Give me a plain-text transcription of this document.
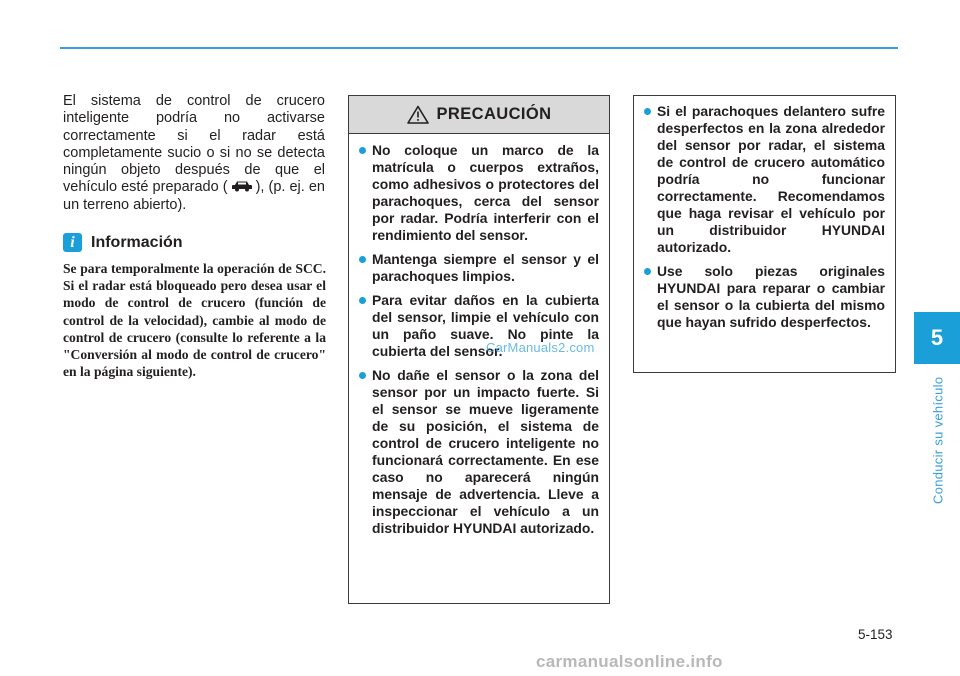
5
Conducir su vehículo
El sistema de control de crucero inteligente podría no activarse correctamente si el radar está completamente sucio o si no se detecta ningún objeto después de que el vehículo esté preparado ( ), (p. ej. en un terreno abierto).
i	Información
Se para temporalmente la operación de SCC. Si el radar está bloqueado pero desea usar el modo de control de crucero (función de control de la velocidad), cambie al modo de control de crucero (consulte lo referente a la "Conversión al modo de control de crucero" en la página siguiente).
PRECAUCIÓN
No coloque un marco de la matrícula o cuerpos extraños, como adhesivos o protectores del parachoques, cerca del sensor por radar. Podría interferir con el rendimiento del sensor.
Mantenga siempre el sensor y el parachoques limpios.
Para evitar daños en la cubierta del sensor, limpie el vehículo con un paño suave. No pinte la cubierta del sensor.
No dañe el sensor o la zona del sensor por un impacto fuerte. Si el sensor se mueve ligeramente de su posición, el sistema de control de crucero inteligente no funcionará correctamente. En ese caso no aparecerá ningún mensaje de advertencia. Lleve a inspeccionar el vehículo a un distribuidor HYUNDAI autorizado.
Si el parachoques delantero sufre desperfectos en la zona alrededor del sensor por radar, el sistema de control de crucero automático podría no funcionar correctamente. Recomendamos que haga revisar el vehículo por un distribuidor HYUNDAI autorizado.
Use solo piezas originales HYUNDAI para reparar o cambiar el sensor o la cubierta del mismo que hayan sufrido desperfectos.
CarManuals2.com
5-153
carmanualsonline.info
